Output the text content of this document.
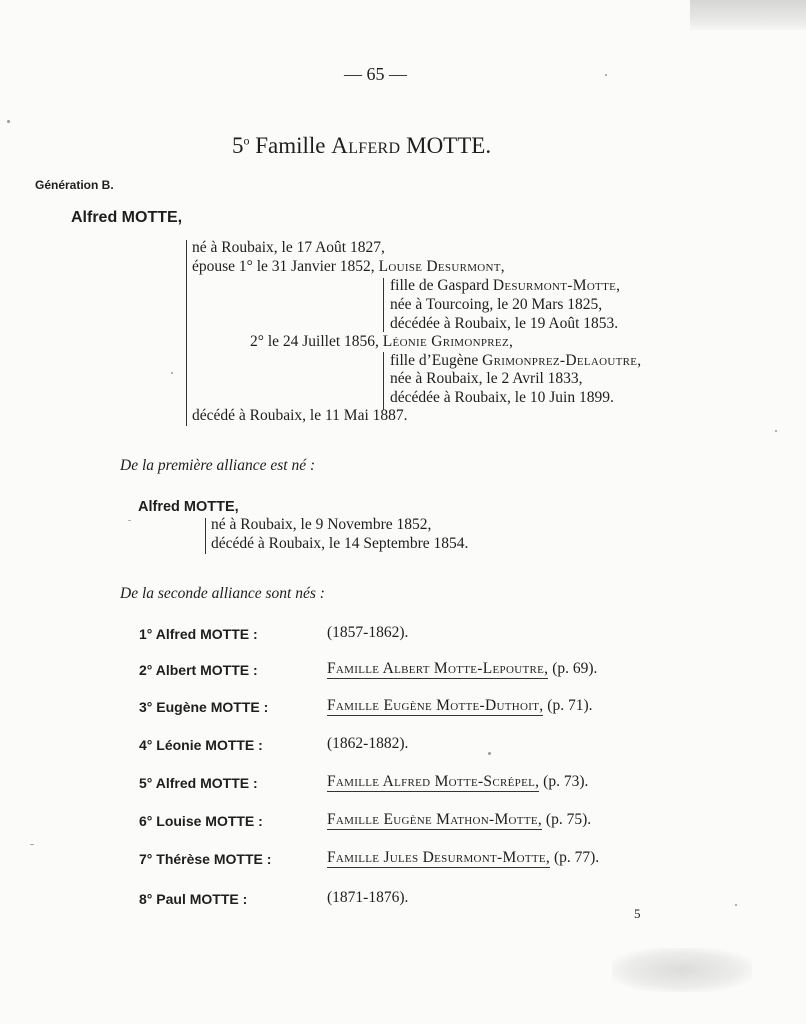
— 65 —
5$^o$ Famille Alferd MOTTE.
Génération B.
Alfred MOTTE,
né à Roubaix, le 17 Août 1827,
épouse 1° le 31 Janvier 1852, Louise Desurmont,
fille de Gaspard Desurmont-Motte,
née à Tourcoing, le 20 Mars 1825,
décédée à Roubaix, le 19 Août 1853.
2° le 24 Juillet 1856, Léonie Grimonprez,
fille d’Eugène Grimonprez-Delaoutre,
née à Roubaix, le 2 Avril 1833,
décédée à Roubaix, le 10 Juin 1899.
décédé à Roubaix, le 11 Mai 1887.
De la première alliance est né :
Alfred MOTTE,
né à Roubaix, le 9 Novembre 1852,
décédé à Roubaix, le 14 Septembre 1854.
De la seconde alliance sont nés :
1° Alfred MOTTE :	(1857-1862).
2° Albert MOTTE :	Famille Albert Motte-Lepoutre, (p. 69).
3° Eugène MOTTE :	Famille Eugène Motte-Duthoit, (p. 71).
4° Léonie MOTTE :	(1862-1882).
5° Alfred MOTTE :	Famille Alfred Motte-Scrépel, (p. 73).
6° Louise MOTTE :	Famille Eugène Mathon-Motte, (p. 75).
7° Thérèse MOTTE :	Famille Jules Desurmont-Motte, (p. 77).
8° Paul MOTTE :	(1871-1876).
5
